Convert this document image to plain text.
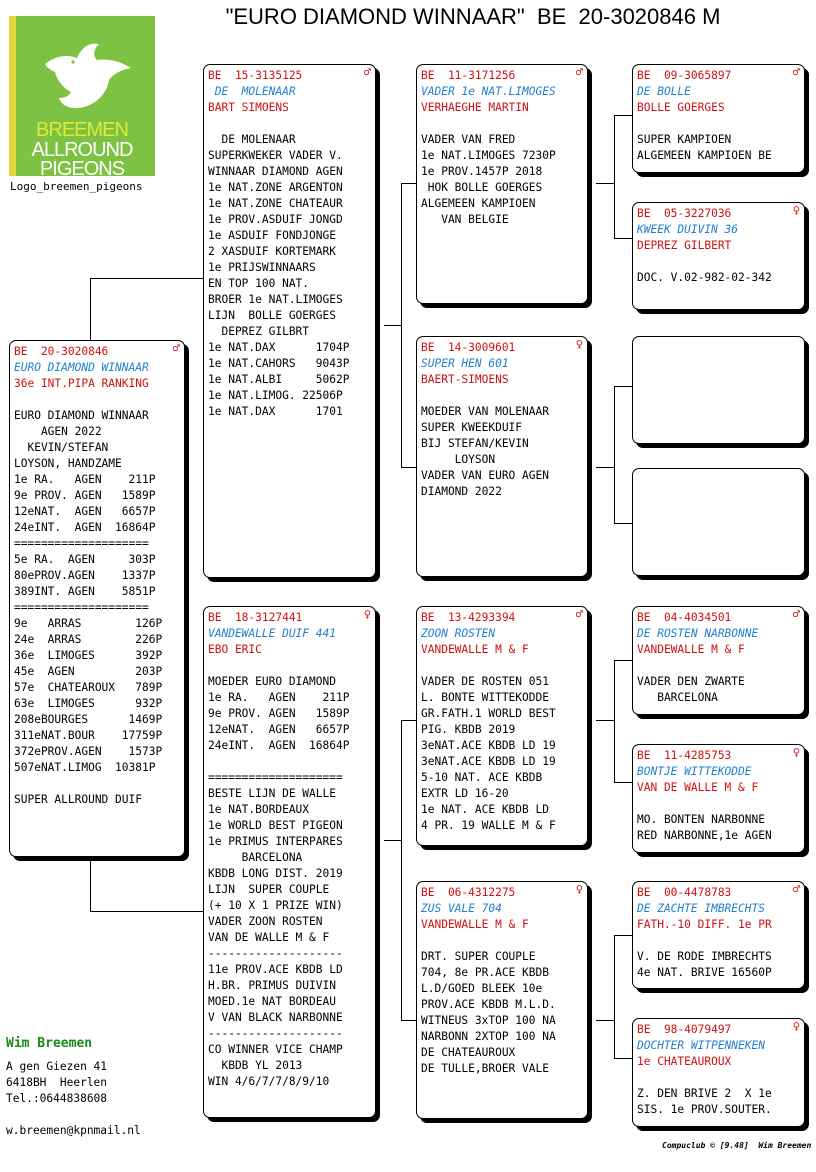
"EURO DIAMOND WINNAAR"  BE  20-3020846 M
BREEMEN
ALLROUND
PIGEONS
Logo_breemen_pigeons
BE  20-3020846	♂
EURO DIAMOND WINNAAR
36e INT.PIPA RANKING
EURO DIAMOND WINNAAR
AGEN 2022
KEVIN/STEFAN
LOYSON, HANDZAME
1e RA.   AGEN    211P
9e PROV. AGEN   1589P
12eNAT.  AGEN   6657P
24eINT.  AGEN  16864P
====================
5e RA.  AGEN     303P
80ePROV.AGEN    1337P
389INT. AGEN    5851P
====================
9e   ARRAS        126P
24e  ARRAS        226P
36e  LIMOGES      392P
45e  AGEN         203P
57e  CHATEAROUX   789P
63e  LIMOGES      932P
208eBOURGES      1469P
311eNAT.BOUR    17759P
372ePROV.AGEN    1573P
507eNAT.LIMOG  10381P
SUPER ALLROUND DUIF
BE  15-3135125	♂
DE  MOLENAAR
BART SIMOENS
DE MOLENAAR
SUPERKWEKER VADER V.
WINNAAR DIAMOND AGEN
1e NAT.ZONE ARGENTON
1e NAT.ZONE CHATEAUR
1e PROV.ASDUIF JONGD
1e ASDUIF FONDJONGE
2 XASDUIF KORTEMARK
1e PRIJSWINNAARS
EN TOP 100 NAT.
BROER 1e NAT.LIMOGES
LIJN  BOLLE GOERGES
DEPREZ GILBRT
1e NAT.DAX      1704P
1e NAT.CAHORS   9043P
1e NAT.ALBI     5062P
1e NAT.LIMOG. 22506P
1e NAT.DAX      1701
BE  18-3127441	♀
VANDEWALLE DUIF 441
EBO ERIC
MOEDER EURO DIAMOND
1e RA.   AGEN    211P
9e PROV. AGEN   1589P
12eNAT.  AGEN   6657P
24eINT.  AGEN  16864P
====================
BESTE LIJN DE WALLE
1e NAT.BORDEAUX
1e WORLD BEST PIGEON
1e PRIMUS INTERPARES
BARCELONA
KBDB LONG DIST. 2019
LIJN  SUPER COUPLE
(+ 10 X 1 PRIZE WIN)
VADER ZOON ROSTEN
VAN DE WALLE M & F
--------------------
11e PROV.ACE KBDB LD
H.BR. PRIMUS DUIVIN
MOED.1e NAT BORDEAU
V VAN BLACK NARBONNE
--------------------
CO WINNER VICE CHAMP
KBDB YL 2013
WIN 4/6/7/7/8/9/10
BE  11-3171256	♂
VADER 1e NAT.LIMOGES
VERHAEGHE MARTIN
VADER VAN FRED
1e NAT.LIMOGES 7230P
1e PROV.1457P 2018
HOK BOLLE GOERGES
ALGEMEEN KAMPIOEN
VAN BELGIE
BE  14-3009601	♀
SUPER HEN 601
BAERT-SIMOENS
MOEDER VAN MOLENAAR
SUPER KWEEKDUIF
BIJ STEFAN/KEVIN
LOYSON
VADER VAN EURO AGEN
DIAMOND 2022
BE  13-4293394	♂
ZOON ROSTEN
VANDEWALLE M & F
VADER DE ROSTEN 051
L. BONTE WITTEKODDE
GR.FATH.1 WORLD BEST
PIG. KBDB 2019
3eNAT.ACE KBDB LD 19
3eNAT.ACE KBDB LD 19
5-10 NAT. ACE KBDB
EXTR LD 16-20
1e NAT. ACE KBDB LD
4 PR. 19 WALLE M & F
BE  06-4312275	♀
ZUS VALE 704
VANDEWALLE M & F
DRT. SUPER COUPLE
704, 8e PR.ACE KBDB
L.D/GOED BLEEK 10e
PROV.ACE KBDB M.L.D.
WITNEUS 3xTOP 100 NA
NARBONN 2XTOP 100 NA
DE CHATEAUROUX
DE TULLE,BROER VALE
BE  09-3065897	♂
DE BOLLE
BOLLE GOERGES
SUPER KAMPIOEN
ALGEMEEN KAMPIOEN BE
BE  05-3227036	♀
KWEEK DUIVIN 36
DEPREZ GILBERT
DOC. V.02-982-02-342
BE  04-4034501	♂
DE ROSTEN NARBONNE
VANDEWALLE M & F
VADER DEN ZWARTE
BARCELONA
BE  11-4285753	♀
BONTJE WITTEKODDE
VAN DE WALLE M & F
MO. BONTEN NARBONNE
RED NARBONNE,1e AGEN
BE  00-4478783	♂
DE ZACHTE IMBRECHTS
FATH.-10 DIFF. 1e PR
V. DE RODE IMBRECHTS
4e NAT. BRIVE 16560P
BE  98-4079497	♀
DOCHTER WITPENNEKEN
1e CHATEAUROUX
Z. DEN BRIVE 2  X 1e
SIS. 1e PROV.SOUTER.
Wim Breemen
A gen Giezen 41
6418BH  Heerlen
Tel.:0644838608
w.breemen@kpnmail.nl
Compuclub © [9.48]  Wim Breemen
